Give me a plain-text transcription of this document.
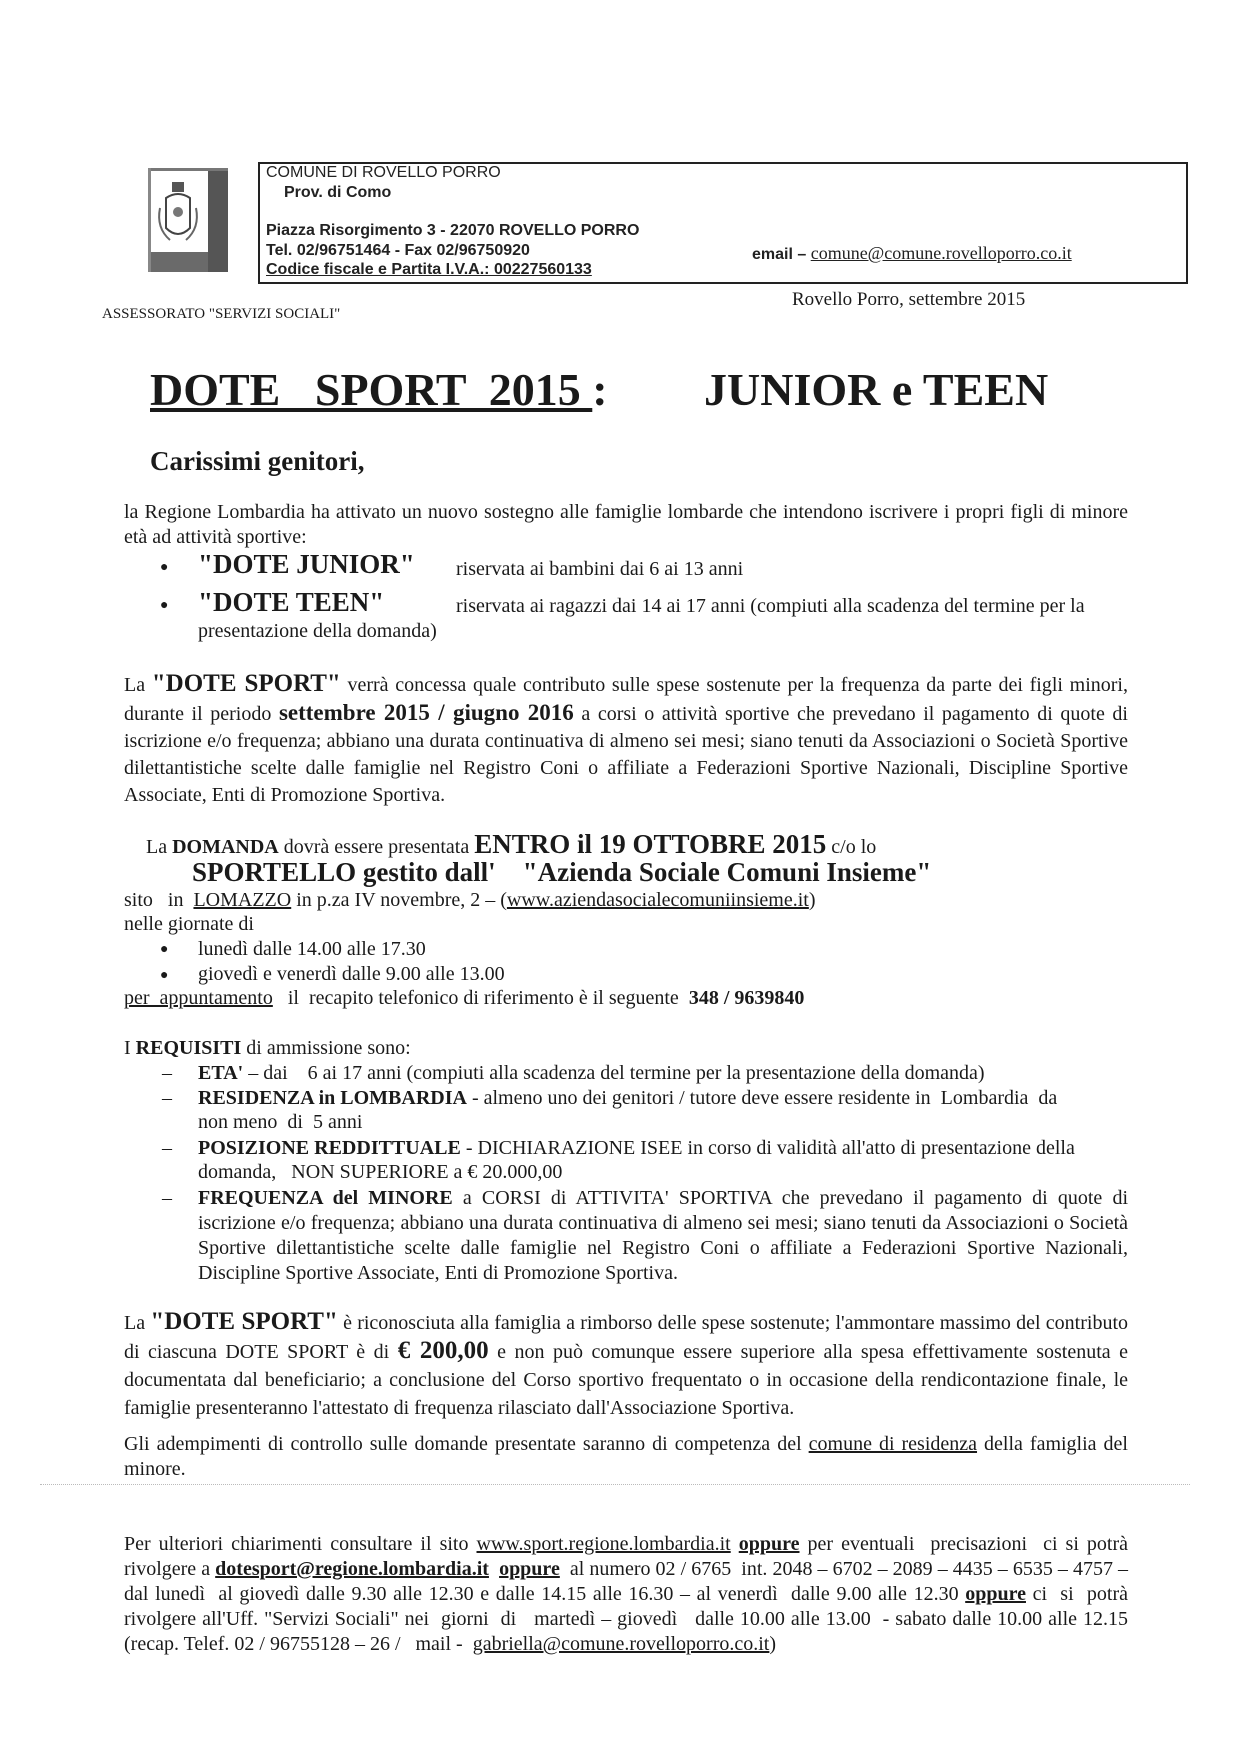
COMUNE DI ROVELLO PORRO
Prov. di Como
Piazza Risorgimento 3 - 22070 ROVELLO PORRO
Tel. 02/96751464 - Fax 02/96750920
Codice fiscale e Partita I.V.A.: 00227560133
email – comune@comune.rovelloporro.co.it
ASSESSORATO "SERVIZI SOCIALI"
Rovello Porro, settembre 2015
DOTE   SPORT  2015 : JUNIOR e TEEN
Carissimi genitori,
la Regione Lombardia ha attivato un nuovo sostegno alle famiglie lombarde che intendono iscrivere i propri figli di minore età ad attività sportive:
● "DOTE JUNIOR" riservata ai bambini dai 6 ai 13 anni
● "DOTE TEEN"	riservata ai ragazzi dai 14 ai 17 anni (compiuti alla scadenza del termine per la
presentazione della domanda)
La "DOTE SPORT" verrà concessa quale contributo sulle spese sostenute per la frequenza da parte dei figli minori, durante il periodo settembre 2015 / giugno 2016 a corsi o attività sportive che prevedano il pagamento di quote di iscrizione e/o frequenza; abbiano una durata continuativa di almeno sei mesi; siano tenuti da Associazioni o Società Sportive dilettantistiche scelte dalle famiglie nel Registro Coni o affiliate a Federazioni Sportive Nazionali, Discipline Sportive Associate, Enti di Promozione Sportiva.
La DOMANDA dovrà essere presentata ENTRO il 19 OTTOBRE 2015 c/o lo
SPORTELLO gestito dall' "Azienda Sociale Comuni Insieme"
sito   in  LOMAZZO in p.za IV novembre, 2 – (www.aziendasocialecomuniinsieme.it)
nelle giornate di
● lunedì dalle 14.00 alle 17.30
● giovedì e venerdì dalle 9.00 alle 13.00
per  appuntamento   il  recapito telefonico di riferimento è il seguente  348 / 9639840
I REQUISITI di ammissione sono:
– ETA' – dai    6 ai 17 anni (compiuti alla scadenza del termine per la presentazione della domanda)
– RESIDENZA in LOMBARDIA - almeno uno dei genitori / tutore deve essere residente in  Lombardia  da
non meno  di  5 anni
– POSIZIONE REDDITTUALE - DICHIARAZIONE ISEE in corso di validità all'atto di presentazione della
domanda,   NON SUPERIORE a € 20.000,00
– FREQUENZA del MINORE a CORSI di ATTIVITA' SPORTIVA che prevedano il pagamento di quote di iscrizione e/o frequenza; abbiano una durata continuativa di almeno sei mesi; siano tenuti da Associazioni o Società Sportive dilettantistiche scelte dalle famiglie nel Registro Coni o affiliate a Federazioni Sportive Nazionali, Discipline Sportive Associate, Enti di Promozione Sportiva.
La "DOTE SPORT" è riconosciuta alla famiglia a rimborso delle spese sostenute; l'ammontare massimo del contributo di ciascuna DOTE SPORT è di € 200,00 e non può comunque essere superiore alla spesa effettivamente sostenuta e documentata dal beneficiario; a conclusione del Corso sportivo frequentato o in occasione della rendicontazione finale, le famiglie presenteranno l'attestato di frequenza rilasciato dall'Associazione Sportiva.
Gli adempimenti di controllo sulle domande presentate saranno di competenza del comune di residenza della famiglia del minore.
Per ulteriori chiarimenti consultare il sito www.sport.regione.lombardia.it oppure per eventuali  precisazioni  ci si potrà rivolgere a dotesport@regione.lombardia.it oppure  al numero 02 / 6765  int. 2048 – 6702 – 2089 – 4435 – 6535 – 4757 – dal lunedì  al giovedì dalle 9.30 alle 12.30 e dalle 14.15 alle 16.30 – al venerdì  dalle 9.00 alle 12.30 oppure ci  si  potrà  rivolgere all'Uff. "Servizi Sociali" nei  giorni  di   martedì – giovedì   dalle 10.00 alle 13.00  - sabato dalle 10.00 alle 12.15 (recap. Telef. 02 / 96755128 – 26 /   mail -  gabriella@comune.rovelloporro.co.it)
